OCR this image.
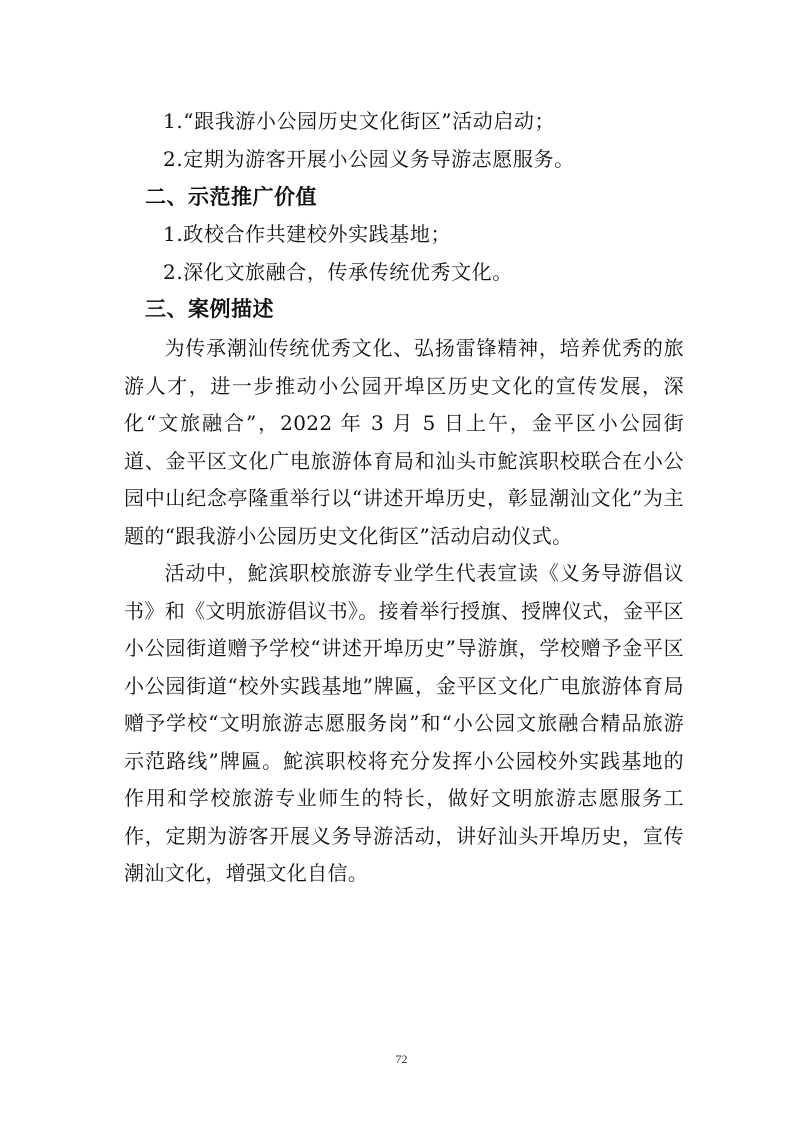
1.“跟我游小公园历史文化街区”活动启动；
2.定期为游客开展小公园义务导游志愿服务。
二、示范推广价值
1.政校合作共建校外实践基地；
2.深化文旅融合，传承传统优秀文化。
三、案例描述
为传承潮汕传统优秀文化、弘扬雷锋精神，培养优秀的旅游人才，进一步推动小公园开埠区历史文化的宣传发展，深化“文旅融合”，2022 年 3 月 5 日上午，金平区小公园街道、金平区文化广电旅游体育局和汕头市鮀滨职校联合在小公园中山纪念亭隆重举行以“讲述开埠历史，彰显潮汕文化”为主题的“跟我游小公园历史文化街区”活动启动仪式。
活动中，鮀滨职校旅游专业学生代表宣读《义务导游倡议书》和《文明旅游倡议书》。接着举行授旗、授牌仪式，金平区小公园街道赠予学校“讲述开埠历史”导游旗，学校赠予金平区小公园街道“校外实践基地”牌匾，金平区文化广电旅游体育局赠予学校“文明旅游志愿服务岗”和“小公园文旅融合精品旅游示范路线”牌匾。鮀滨职校将充分发挥小公园校外实践基地的作用和学校旅游专业师生的特长，做好文明旅游志愿服务工作，定期为游客开展义务导游活动，讲好汕头开埠历史，宣传潮汕文化，增强文化自信。
72
